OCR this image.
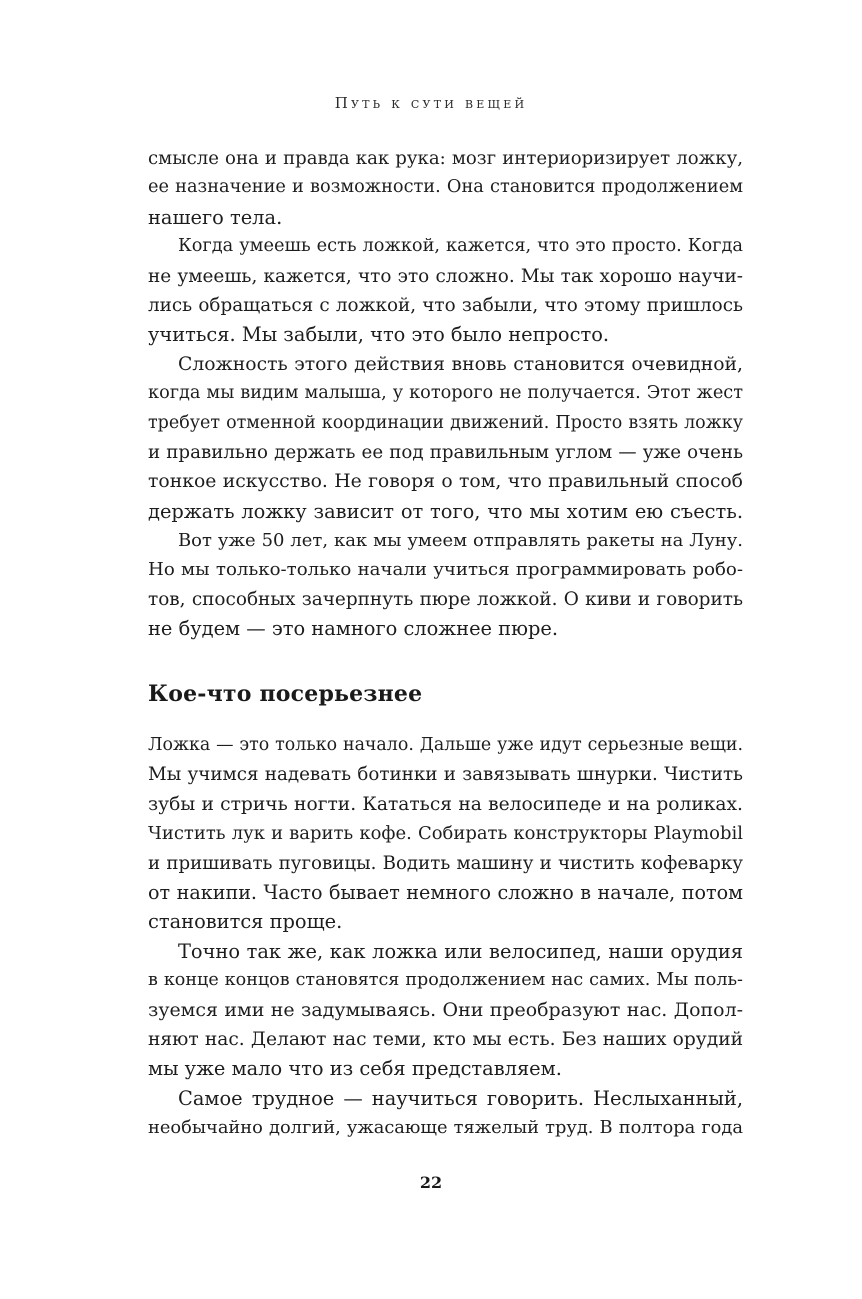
Путь к сути вещей
смысле она и правда как рука: мозг интериоризирует ложку,
ее назначение и возможности. Она становится продолжением
нашего тела.
Когда умеешь есть ложкой, кажется, что это просто. Когда
не умеешь, кажется, что это сложно. Мы так хорошо научи-
лись обращаться с ложкой, что забыли, что этому пришлось
учиться. Мы забыли, что это было непросто.
Сложность этого действия вновь становится очевидной,
когда мы видим малыша, у которого не получается. Этот жест
требует отменной координации движений. Просто взять ложку
и правильно держать ее под правильным углом — уже очень
тонкое искусство. Не говоря о том, что правильный способ
держать ложку зависит от того, что мы хотим ею съесть.
Вот уже 50 лет, как мы умеем отправлять ракеты на Луну.
Но мы только-только начали учиться программировать робо-
тов, способных зачерпнуть пюре ложкой. О киви и говорить
не будем — это намного сложнее пюре.
Кое-что посерьезнее
Ложка — это только начало. Дальше уже идут серьезные вещи.
Мы учимся надевать ботинки и завязывать шнурки. Чистить
зубы и стричь ногти. Кататься на велосипеде и на роликах.
Чистить лук и варить кофе. Собирать конструкторы Playmobil
и пришивать пуговицы. Водить машину и чистить кофеварку
от накипи. Часто бывает немного сложно в начале, потом
становится проще.
Точно так же, как ложка или велосипед, наши орудия
в конце концов становятся продолжением нас самих. Мы поль-
зуемся ими не задумываясь. Они преобразуют нас. Допол-
няют нас. Делают нас теми, кто мы есть. Без наших орудий
мы уже мало что из себя представляем.
Самое трудное — научиться говорить. Неслыханный,
необычайно долгий, ужасающе тяжелый труд. В полтора года
22
